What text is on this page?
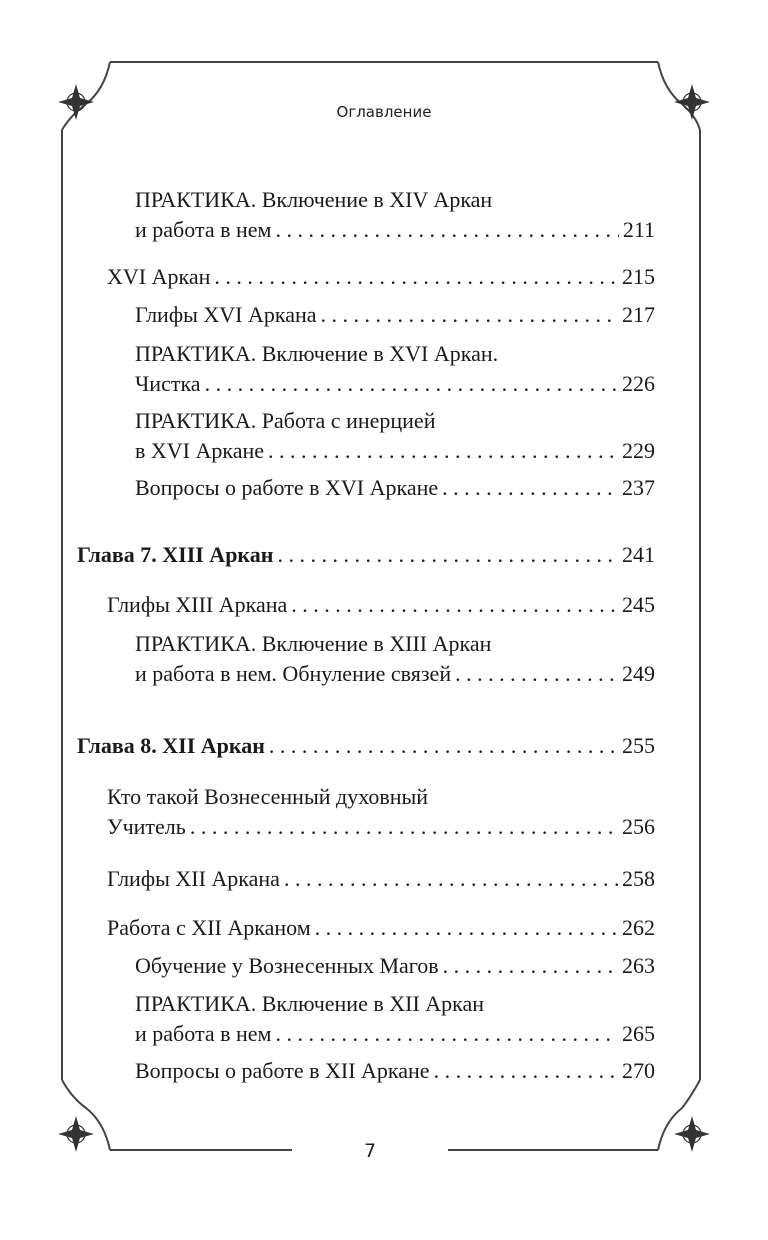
Оглавление
ПРАКТИКА. Включение в XIV Аркан
и работа в нем . . .	211
XVI Аркан . . .	215
Глифы XVI Аркана . . .	217
ПРАКТИКА. Включение в XVI Аркан.
Чистка . . .	226
ПРАКТИКА. Работа с инерцией
в XVI Аркане . . .	229
Вопросы о работе в XVI Аркане . . .	237
Глава 7. XIII Аркан . . .	241
Глифы XIII Аркана . . .	245
ПРАКТИКА. Включение в XIII Аркан
и работа в нем. Обнуление связей . . .	249
Глава 8. XII Аркан . . .	255
Кто такой Вознесенный духовный
Учитель . . .	256
Глифы XII Аркана . . .	258
Работа с XII Арканом . . .	262
Обучение у Вознесенных Магов . . .	263
ПРАКТИКА. Включение в XII Аркан
и работа в нем . . .	265
Вопросы о работе в XII Аркане . . .	270
7
